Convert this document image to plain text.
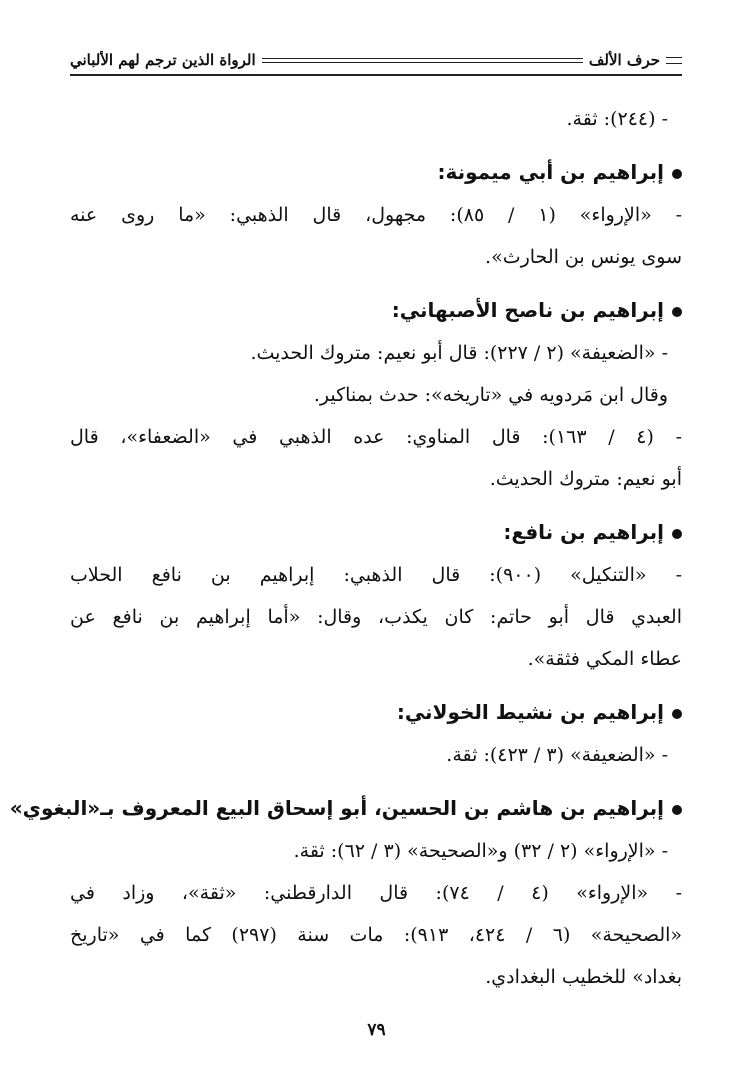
حرف الألف
الرواة الذين ترجم لهم الألباني
- (٢٤٤): ثقة.
إبراهيم بن أبي ميمونة:
- «الإرواء» (١ / ٨٥): مجهول، قال الذهبي: «ما روى عنه
سوى يونس بن الحارث».
إبراهيم بن ناصح الأصبهاني:
- «الضعيفة» (٢ / ٢٢٧): قال أبو نعيم: متروك الحديث.
وقال ابن مَردويه في «تاريخه»: حدث بمناكير.
- (٤ / ١٦٣): قال المناوي: عده الذهبي في «الضعفاء»، قال
أبو نعيم: متروك الحديث.
إبراهيم بن نافع:
- «التنكيل» (٩٠٠): قال الذهبي: إبراهيم بن نافع الحلاب
العبدي قال أبو حاتم: كان يكذب، وقال: «أما إبراهيم بن نافع عن
عطاء المكي فثقة».
إبراهيم بن نشيط الخولاني:
- «الضعيفة» (٣ / ٤٢٣): ثقة.
إبراهيم بن هاشم بن الحسين، أبو إسحاق البيع المعروف بـ«البغوي»
- «الإرواء» (٢ / ٣٢) و«الصحيحة» (٣ / ٦٢): ثقة.
- «الإرواء» (٤ / ٧٤): قال الدارقطني: «ثقة»، وزاد في
«الصحيحة» (٦ / ٤٢٤، ٩١٣): مات سنة (٢٩٧) كما في «تاريخ
بغداد» للخطيب البغدادي.
٧٩
